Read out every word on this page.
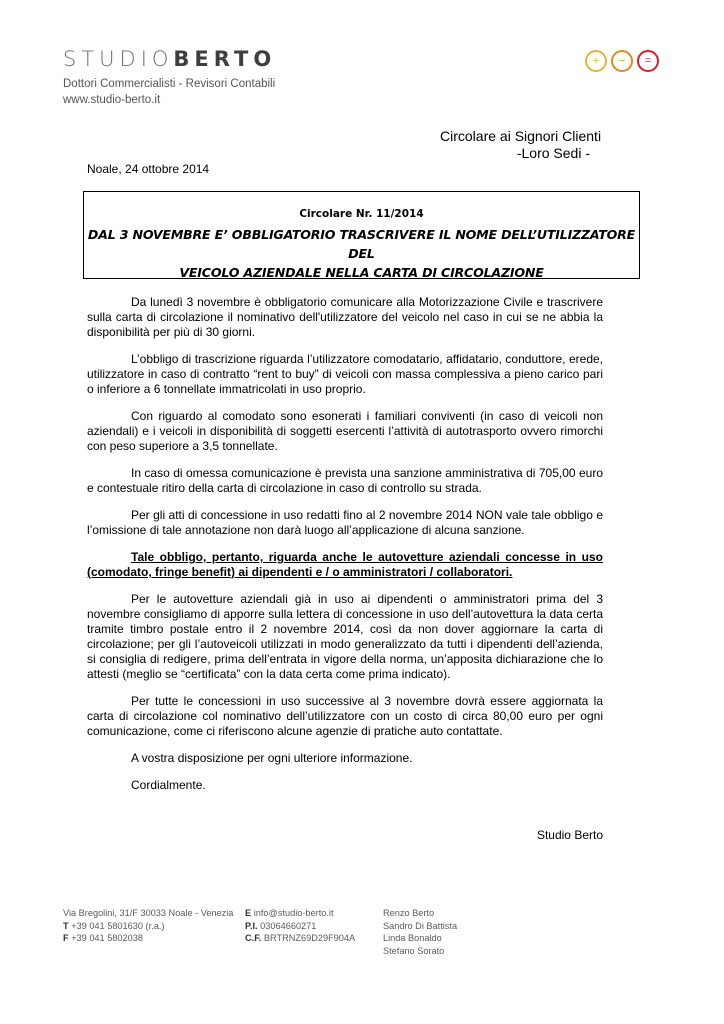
STUDIOBERTO
Dottori Commercialisti - Revisori Contabili
www.studio-berto.it
+	−	=
Circolare ai Signori Clienti
-Loro Sedi -
Noale, 24 ottobre 2014
Circolare Nr. 11/2014
DAL 3 NOVEMBRE E’ OBBLIGATORIO TRASCRIVERE IL NOME DELL’UTILIZZATORE DEL
VEICOLO AZIENDALE NELLA CARTA DI CIRCOLAZIONE

Da lunedì 3 novembre è obbligatorio comunicare alla Motorizzazione Civile e trascrivere sulla carta di circolazione il nominativo dell'utilizzatore del veicolo nel caso in cui se ne abbia la disponibilità per più di 30 giorni.

L’obbligo di trascrizione riguarda l’utilizzatore comodatario, affidatario, conduttore, erede, utilizzatore in caso di contratto “rent to buy” di veicoli con massa complessiva a pieno carico pari o inferiore a 6 tonnellate immatricolati in uso proprio.

Con riguardo al comodato sono esonerati i familiari conviventi (in caso di veicoli non aziendali) e i veicoli in disponibilità di soggetti esercenti l’attività di autotrasporto ovvero rimorchi con peso superiore a 3,5 tonnellate.

In caso di omessa comunicazione è prevista una sanzione amministrativa di 705,00 euro e contestuale ritiro della carta di circolazione in caso di controllo su strada.

Per gli atti di concessione in uso redatti fino al 2 novembre 2014 NON vale tale obbligo e l’omissione di tale annotazione non darà luogo all’applicazione di alcuna sanzione.

Tale obbligo, pertanto, riguarda anche le autovetture aziendali concesse in uso (comodato, fringe benefit) ai dipendenti e / o amministratori / collaboratori.

Per le autovetture aziendali già in uso ai dipendenti o amministratori prima del 3 novembre consigliamo di apporre sulla lettera di concessione in uso dell’autovettura la data certa tramite timbro postale entro il 2 novembre 2014, così da non dover aggiornare la carta di circolazione; per gli l’autoveicoli utilizzati in modo generalizzato da tutti i dipendenti dell’azienda, si consiglia di redigere, prima dell’entrata in vigore della norma, un’apposita dichiarazione che lo attesti (meglio se “certificata” con la data certa come prima indicato).

Per tutte le concessioni in uso successive al 3 novembre dovrà essere aggiornata la carta di circolazione col nominativo dell’utilizzatore con un costo di circa 80,00 euro per ogni comunicazione, come ci riferiscono alcune agenzie di pratiche auto contattate.

A vostra disposizione per ogni ulteriore informazione.

Cordialmente.

Studio Berto
Via Bregolini, 31/F 30033 Noale - Venezia
T +39 041 5801630 (r.a.)
F +39 041 5802038
E info@studio-berto.it
P.I. 03064660271
C.F. BRTRNZ69D29F904A
Renzo Berto
Sandro Di Battista
Linda Bonaldo
Stefano Sorato
